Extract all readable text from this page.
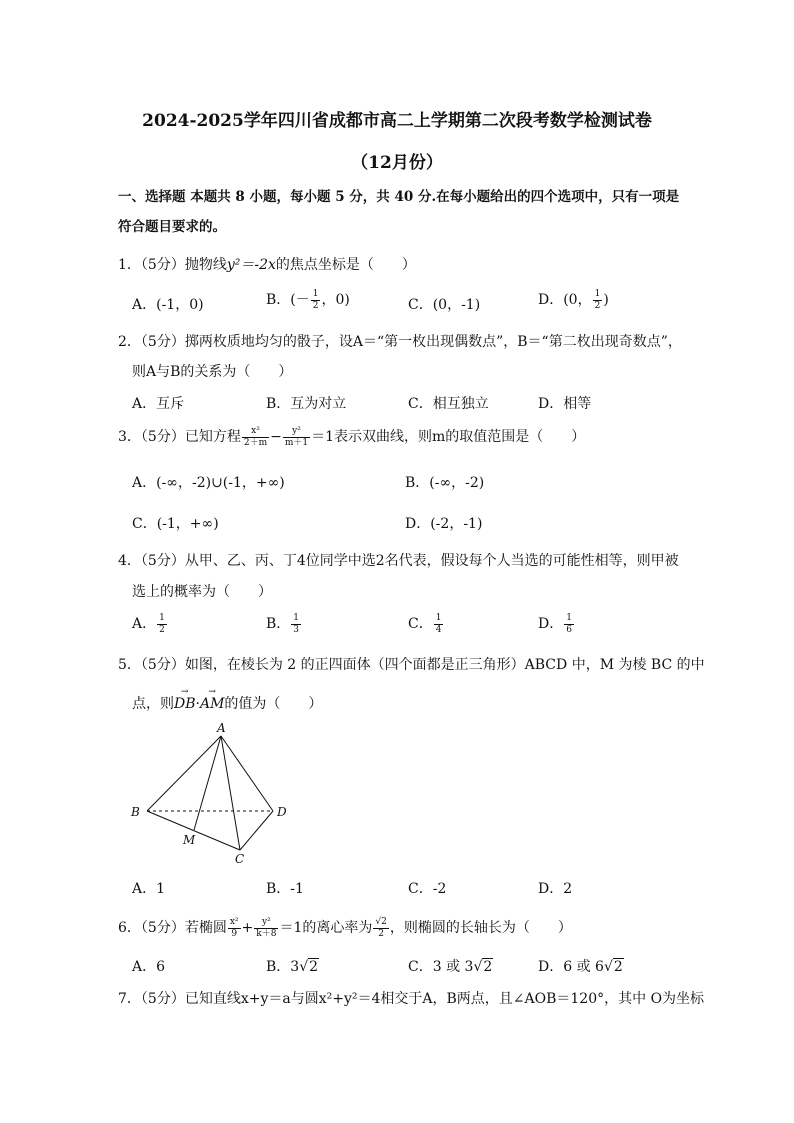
2024-2025学年四川省成都市高二上学期第二次段考数学检测试卷
（12月份）
一、选择题 本题共 8 小题，每小题 5 分，共 40 分.在每小题给出的四个选项中，只有一项是
符合题目要求的。
1．（5分）抛物线y²＝-2x的焦点坐标是（　　）
A．(-1，0)	B．(－ $\frac{1}{2}$ ，0)	C．(0，-1)	D．(0， $\frac{1}{2}$ )
2．（5分）掷两枚质地均匀的骰子，设A＝“第一枚出现偶数点”，B＝“第二枚出现奇数点”，
则A与B的关系为（　　）
A．互斥	B．互为对立	C．相互独立	D．相等
3．（5分）已知方程 $\frac{\text{x²}}{2+m} - \frac{\text{y²}}{m+1} =1$表示双曲线，则m的取值范围是（　　）
A．(-∞，-2)∪(-1，+∞)	B．(-∞，-2)
C．(-1，+∞)	D．(-2，-1)
4．（5分）从甲、乙、丙、丁4位同学中选2名代表，假设每个人当选的可能性相等，则甲被
选上的概率为（　　）
A． $\frac{1}{2}$	B． $\frac{1}{3}$	C． $\frac{1}{4}$	D． $\frac{1}{6}$
5．（5分）如图，在棱长为 2 的正四面体（四个面都是正三角形）ABCD 中，M 为棱 BC 的中
点，则→ DB·→ AM的值为（　　）
A
B
C
D
M
A．1	B．-1	C．-2	D．2
6．（5分）若椭圆 $\frac{\text{x²}}{9} + \frac{\text{y²}}{k+8} =1$的离心率为 $\frac{√2}{2}$ ，则椭圆的长轴长为（　　）
A．6	B．3√2	C．3 或 3√2	D．6 或 6√2
7．（5分）已知直线x+y＝a与圆x²+y²＝4相交于A，B两点，且∠AOB＝120°，其中 O为坐标
